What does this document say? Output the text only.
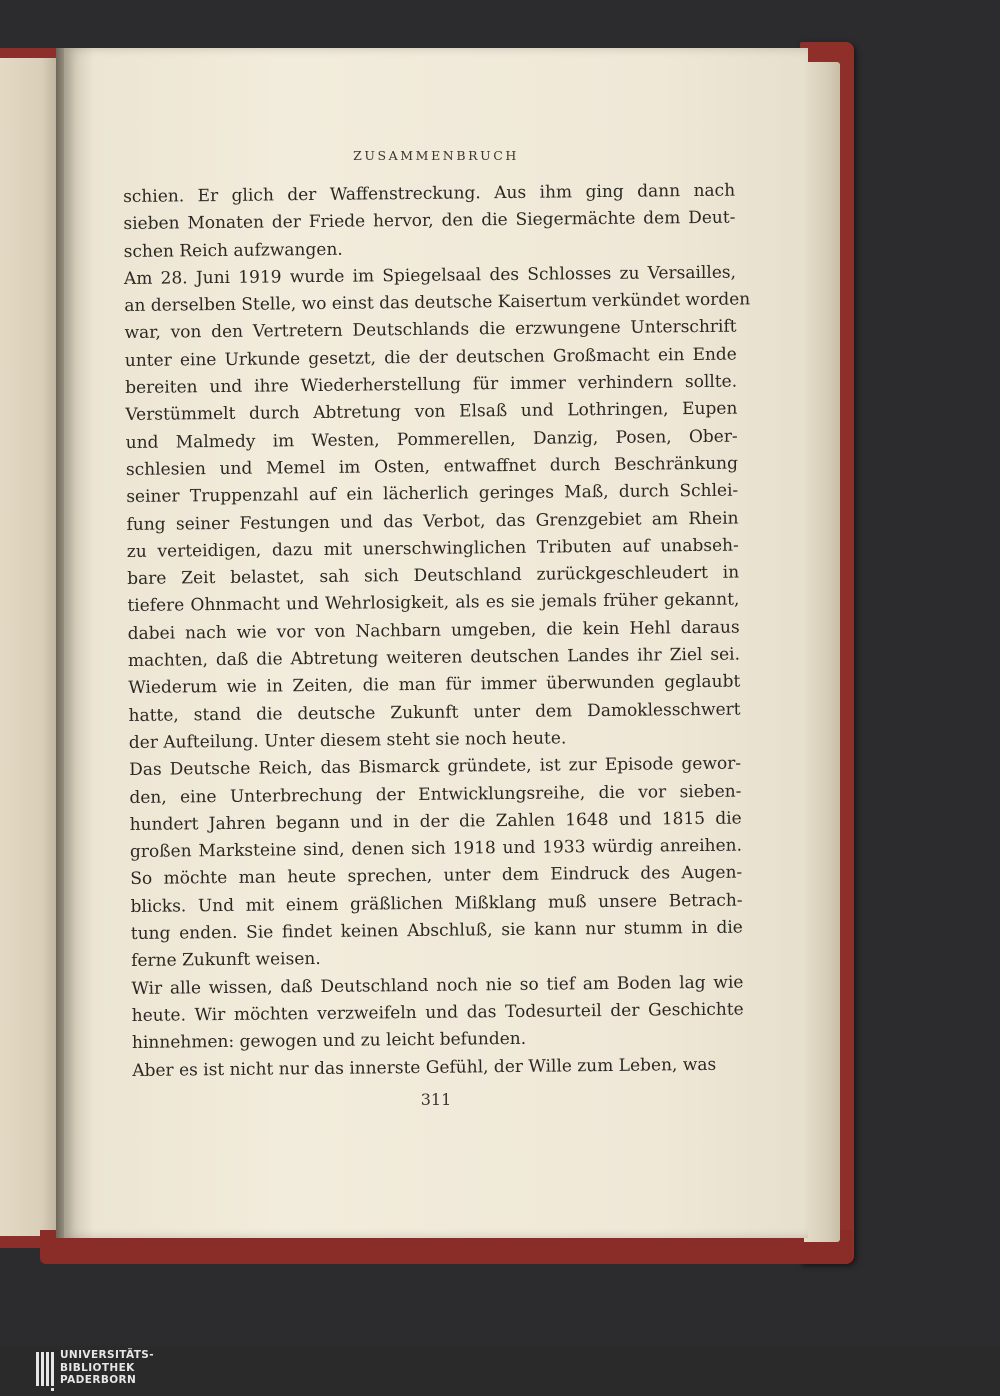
ZUSAMMENBRUCH
schien. Er glich der Waffenstreckung. Aus ihm ging dann nach
sieben Monaten der Friede hervor, den die Siegermächte dem Deut-
schen Reich aufzwangen.
Am 28. Juni 1919 wurde im Spiegelsaal des Schlosses zu Versailles,
an derselben Stelle, wo einst das deutsche Kaisertum verkündet worden
war, von den Vertretern Deutschlands die erzwungene Unterschrift
unter eine Urkunde gesetzt, die der deutschen Großmacht ein Ende
bereiten und ihre Wiederherstellung für immer verhindern sollte.
Verstümmelt durch Abtretung von Elsaß und Lothringen, Eupen
und Malmedy im Westen, Pommerellen, Danzig, Posen, Ober-
schlesien und Memel im Osten, entwaffnet durch Beschränkung
seiner Truppenzahl auf ein lächerlich geringes Maß, durch Schlei-
fung seiner Festungen und das Verbot, das Grenzgebiet am Rhein
zu verteidigen, dazu mit unerschwinglichen Tributen auf unabseh-
bare Zeit belastet, sah sich Deutschland zurückgeschleudert in
tiefere Ohnmacht und Wehrlosigkeit, als es sie jemals früher gekannt,
dabei nach wie vor von Nachbarn umgeben, die kein Hehl daraus
machten, daß die Abtretung weiteren deutschen Landes ihr Ziel sei.
Wiederum wie in Zeiten, die man für immer überwunden geglaubt
hatte, stand die deutsche Zukunft unter dem Damoklesschwert
der Aufteilung. Unter diesem steht sie noch heute.
Das Deutsche Reich, das Bismarck gründete, ist zur Episode gewor-
den, eine Unterbrechung der Entwicklungsreihe, die vor sieben-
hundert Jahren begann und in der die Zahlen 1648 und 1815 die
großen Marksteine sind, denen sich 1918 und 1933 würdig anreihen.
So möchte man heute sprechen, unter dem Eindruck des Augen-
blicks. Und mit einem gräßlichen Mißklang muß unsere Betrach-
tung enden. Sie findet keinen Abschluß, sie kann nur stumm in die
ferne Zukunft weisen.
Wir alle wissen, daß Deutschland noch nie so tief am Boden lag wie
heute. Wir möchten verzweifeln und das Todesurteil der Geschichte
hinnehmen: gewogen und zu leicht befunden.
Aber es ist nicht nur das innerste Gefühl, der Wille zum Leben, was
311
UNIVERSITÄTS-
BIBLIOTHEK
PADERBORN
